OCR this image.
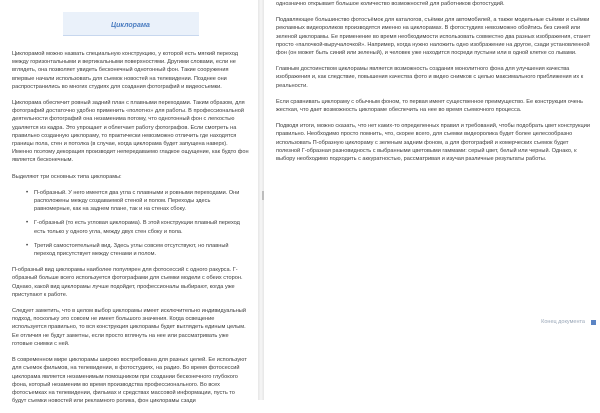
Циклорама

Циклорамой можно назвать специальную конструкцию, у которой есть мягкий переход между горизонтальными и вертикальными поверхностями. Другими словами, если не вглядеть, она позволяет увидеть бесконечный однотонный фон. Такие сооружения впервые начали использовать для съемок новостей на телевидении. Позднее они распространились во многих студиях для создания фотографий и видеосъемки.

Циклорама обеспечит ровный задний план с плавными переходами. Таким образом, для фотографий достаточно удобно применить «полотно» для работы. В профессиональной деятельности фотографий она незаменима потому, что однотонный фон с легкостью удаляется из кадра. Это упрощает и облегчает работу фотографов. Если смотреть на правильно созданную циклораму, то практически невозможно отличить где находятся границы пола, стен и потолка (в случае, когда циклорама будет запущена наверх). Именно поэтому декорация производит непередаваемо гладкое ощущение, как будто фон является бесконечным.

Выделяют три основных типа циклорамы:

• П-образный. У него имеется два угла с плавными и ровными переходами. Они расположены между создаваемой стеной и полом. Переходы здесь равномерные, как на заднем плане, так и на стенах сбоку.
• Г-образный (то есть угловая циклорама). В этой конструкции плавный переход есть только у одного угла, между двух стен сбоку и пола.
• Третий самостоятельный вид. Здесь углы совсем отсутствуют, но плавный переход присутствует между стенами и полом.

П-образный вид циклорамы наиболее популярен для фотосессий с одного ракурса. Г-образный больше всего используется фотографами для съемки модели с обеих сторон. Однако, какой вид циклорамы лучше подойдет, профессионалы выбирают, когда уже приступают к работе.

Следует заметить, что в целом выбор циклорамы имеет исключительно индивидуальный подход, поскольку это совсем не имеет большого значения. Когда освещение используется правильно, то вся конструкция циклорамы будет выглядеть единым целым. Ее отличия не будут заметны, если просто вглянуть на нее или рассматривать уже готовые снимки с ней.

В современном мире циклорамы широко востребована для разных целей. Ее используют для съемок фильмов, на телевидении, в фотостудиях, на радио. Во время фотосессий циклорама является незаменимым помощником при создании бесконечного глубокого фона, который незаменим во время производства профессионального. Во всех фотосъемках на телевидении, фильмах и средствах массовой информации, пусть то будут съемки новостей или рекламного ролика, фон циклорамы сзади

однозначно открывает большое количество возможностей для работников фотостудий.

Подавляющее большинство фотосъёмок для каталогов, съёмки для автомобилей, а также модельные съёмки и съёмки рекламных видеороликов производятся именно на циклорамах. В фотостудиях невозможно обойтись без синей или зеленой циклорамы. Ее применение во время необходимости использовать совместно два разных изображения, станет просто «палочкой-выручалочкой». Например, когда нужно наложить одно изображение на другое, сзади установленной фон (он может быть синий или зеленый), и человек уже находится посреди пустыни или в одной клетке со львами.

Главным достоинством циклорамы является возможность создания монолитного фона для улучшения качества изображения и, как следствие, повышения качества фото и видео снимков с целью максимального приближения их к реальности.

Если сравнивать циклораму с обычным фоном, то первая имеет существенное преимущество. Ее конструкция очень жесткая, что дает возможность циклораме обеспечить на нее во время съемочного процесса.

Подводя итоги, можно сказать, что нет каких-то определенных правил и требований, чтобы подобрать цвет конструкции правильно. Необходимо просто помнить, что, скорее всего, для съемки видеоролика будет более целесообразно использовать П-образную циклораму с зеленым задним фоном, а для фотографий и комерческих съемок будет полезной Г-образная разновидность с выбранными цветовыми гаммами: серый цвет, белый или черный. Однако, к выбору необходимо подходить с аккуратностью, рассматривая и изучая различные результаты работы.

Конец документа
